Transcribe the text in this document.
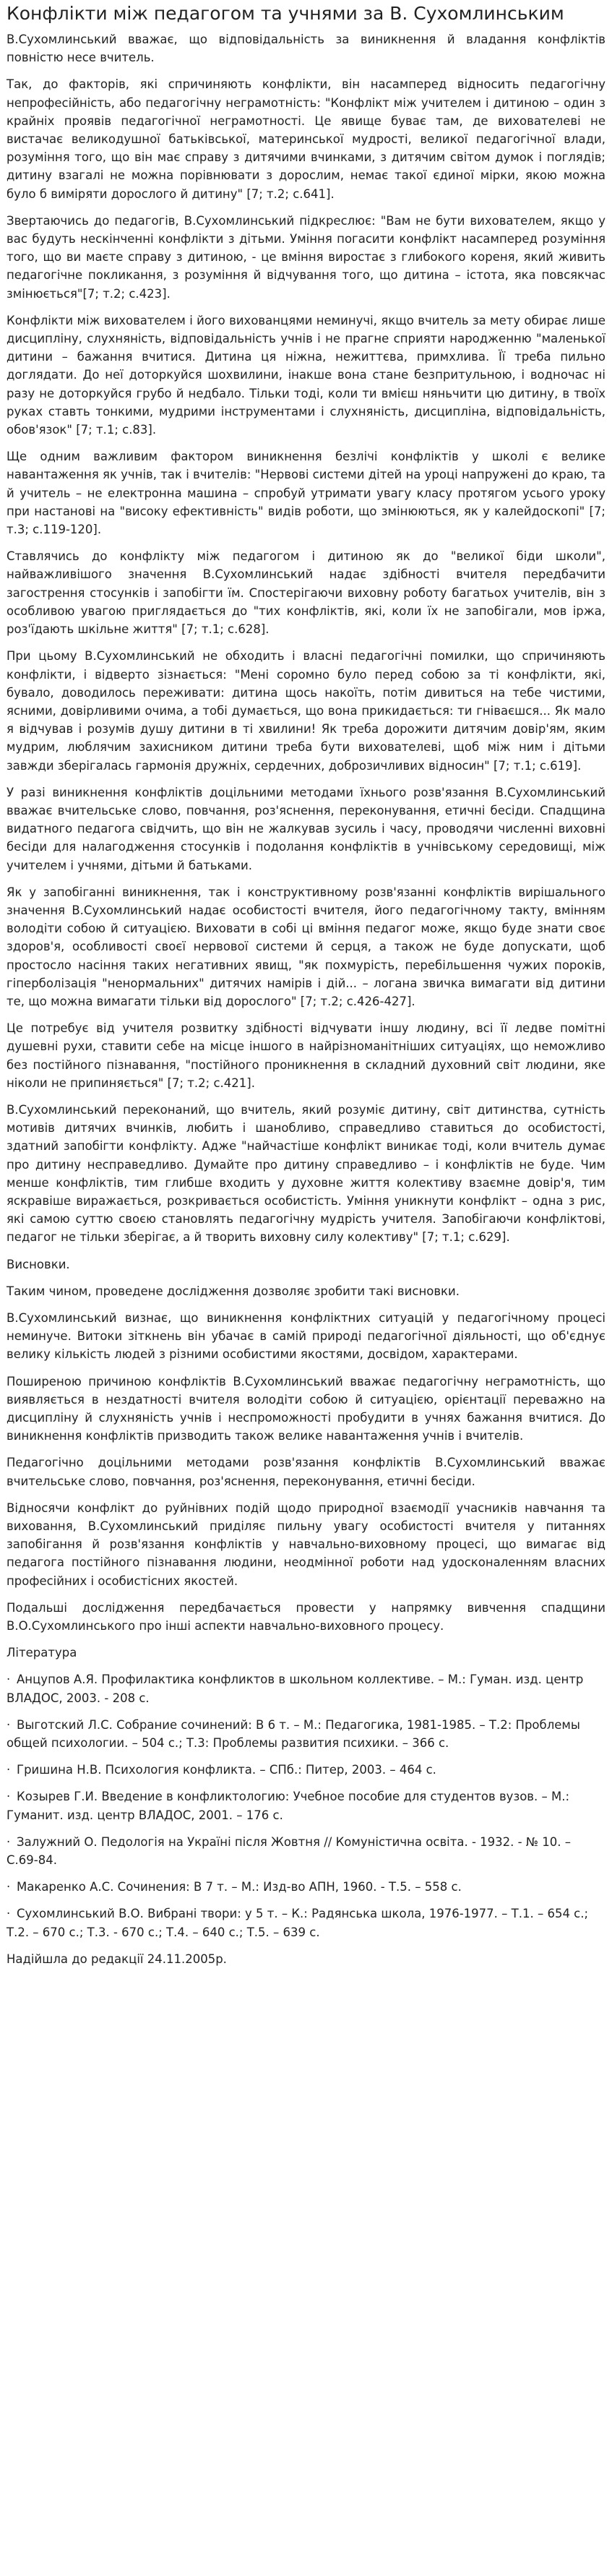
Конфлікти між педагогом та учнями за В. Сухомлинським

В.Сухомлинський вважає, що відповідальність за виникнення й владання конфліктів повністю несе вчитель.

Так, до факторів, які спричиняють конфлікти, він насамперед відносить педагогічну непрофесійність, або педагогічну неграмотність: "Конфлікт між учителем і дитиною – один з крайніх проявів педагогічної неграмотності. Це явище буває там, де вихователеві не вистачає великодушної батьківської, материнської мудрості, великої педагогічної влади, розуміння того, що він має справу з дитячими вчинками, з дитячим світом думок і поглядів; дитину взагалі не можна порівнювати з дорослим, немає такої єдиної мірки, якою можна було б виміряти дорослого й дитину" [7; т.2; с.641].

Звертаючись до педагогів, В.Сухомлинський підкреслює: "Вам не бути вихователем, якщо у вас будуть нескінченні конфлікти з дітьми. Уміння погасити конфлікт насамперед розуміння того, що ви маєте справу з дитиною, - це вміння виростає з глибокого кореня, який живить педагогічне покликання, з розуміння й відчування того, що дитина – істота, яка повсякчас змінюється"[7; т.2; с.423].

Конфлікти між вихователем і його вихованцями неминучі, якщо вчитель за мету обирає лише дисципліну, слухняність, відповідальність учнів і не прагне сприяти народженню "маленької дитини – бажання вчитися. Дитина ця ніжна, нежиттєва, примхлива. Її треба пильно доглядати. До неї доторкуйся шохвилини, інакше вона стане безпритульною, і водночас ні разу не доторкуйся грубо й недбало. Тільки тоді, коли ти вмієш няньчити цю дитину, в твоїх руках ставть тонкими, мудрими інструментами і слухняність, дисципліна, відповідальність, обов'язок" [7; т.1; с.83].

Ще одним важливим фактором виникнення безлічі конфліктів у школі є велике навантаження як учнів, так і вчителів: "Нервові системи дітей на уроці напружені до краю, та й учитель – не електронна машина – спробуй утримати увагу класу протягом усього уроку при настанові на "високу ефективність" видів роботи, що змінюються, як у калейдоскопі" [7; т.3; с.119-120].

Ставлячись до конфлікту між педагогом і дитиною як до "великої біди школи", найважливішого значення В.Сухомлинський надає здібності вчителя передбачити загострення стосунків і запобігти їм. Спостерігаючи виховну роботу багатьох учителів, він з особливою увагою приглядається до "тих конфліктів, які, коли їх не запобігали, мов іржа, роз'їдають шкільне життя" [7; т.1; с.628].

При цьому В.Сухомлинський не обходить і власні педагогічні помилки, що спричиняють конфлікти, і відверто зізнається: "Мені соромно було перед собою за ті конфлікти, які, бувало, доводилось переживати: дитина щось накоїть, потім дивиться на тебе чистими, ясними, довірливими очима, а тобі думається, що вона прикидається: ти гніваєшся... Як мало я відчував і розумів душу дитини в ті хвилини! Як треба дорожити дитячим довір'ям, яким мудрим, люблячим захисником дитини треба бути вихователеві, щоб між ним і дітьми завжди зберігалась гармонія дружніх, сердечних, доброзичливих відносин" [7; т.1; с.619].

У разі виникнення конфліктів доцільними методами їхнього розв'язання В.Сухомлинський вважає вчительське слово, повчання, роз'яснення, переконування, етичні бесіди. Спадщина видатного педагога свідчить, що він не жалкував зусиль і часу, проводячи численні виховні бесіди для налагодження стосунків і подолання конфліктів в учнівському середовищі, між учителем і учнями, дітьми й батьками.

Як у запобіганні виникнення, так і конструктивному розв'язанні конфліктів вирішального значення В.Сухомлинський надає особистості вчителя, його педагогічному такту, вмінням володіти собою й ситуацією. Виховати в собі ці вміння педагог може, якщо буде знати своє здоров'я, особливості своєї нервової системи й серця, а також не буде допускати, щоб простосло насіння таких негативних явищ, "як похмурість, перебільшення чужих пороків, гіперболізація "ненормальних" дитячих намірів і дій... – логана звичка вимагати від дитини те, що можна вимагати тільки від дорослого" [7; т.2; с.426-427].

Це потребує від учителя розвитку здібності відчувати іншу людину, всі її ледве помітні душевні рухи, ставити себе на місце іншого в найрізноманітніших ситуаціях, що неможливо без постійного пізнавання, "постійного проникнення в складний духовний світ людини, яке ніколи не припиняється" [7; т.2; с.421].

В.Сухомлинський переконаний, що вчитель, який розуміє дитину, світ дитинства, сутність мотивів дитячих вчинків, любить і шанобливо, справедливо ставиться до особистості, здатний запобігти конфлікту. Адже "найчастіше конфлікт виникає тоді, коли вчитель думає про дитину несправедливо. Думайте про дитину справедливо – і конфліктів не буде. Чим менше конфліктів, тим глибше входить у духовне життя колективу взаємне довір'я, тим яскравіше виражається, розкривається особистість. Уміння уникнути конфлікт – одна з рис, які самою суттю своєю становлять педагогічну мудрість учителя. Запобігаючи конфліктові, педагог не тільки зберігає, а й творить виховну силу колективу" [7; т.1; с.629].

Висновки.

Таким чином, проведене дослідження дозволяє зробити такі висновки.

В.Сухомлинський визнає, що виникнення конфліктних ситуацій у педагогічному процесі неминуче. Витоки зіткнень він убачає в самій природі педагогічної діяльності, що об'єднує велику кількість людей з різними особистими якостями, досвідом, характерами.

Поширеною причиною конфліктів В.Сухомлинський вважає педагогічну неграмотність, що виявляється в нездатності вчителя володіти собою й ситуацією, орієнтації переважно на дисципліну й слухняність учнів і неспроможності пробудити в учнях бажання вчитися. До виникнення конфліктів призводить також велике навантаження учнів і вчителів.

Педагогічно доцільними методами розв'язання конфліктів В.Сухомлинський вважає вчительське слово, повчання, роз'яснення, переконування, етичні бесіди.

Відносячи конфлікт до руйнівних подій щодо природної взаємодії учасників навчання та виховання, В.Сухомлинський приділяє пильну увагу особистості вчителя у питаннях запобігання й розв'язання конфліктів у навчально-виховному процесі, що вимагає від педагога постійного пізнавання людини, неодмінної роботи над удосконаленням власних професійних і особистісних якостей.

Подальші дослідження передбачається провести у напрямку вивчення спадщини В.О.Сухомлинського про інші аспекти навчально-виховного процесу.

Література

· Анцупов А.Я. Профилактика конфликтов в школьном коллективе. – М.: Гуман. изд. центр ВЛАДОС, 2003. - 208 с.

· Выготский Л.С. Собрание сочинений: В 6 т. – М.: Педагогика, 1981-1985. – Т.2: Проблемы общей психологии. – 504 с.; Т.3: Проблемы развития психики. – 366 с.

· Гришина Н.В. Психология конфликта. – СПб.: Питер, 2003. – 464 с.

· Козырев Г.И. Введение в конфликтологию: Учебное пособие для студентов вузов. – М.: Гуманит. изд. центр ВЛАДОС, 2001. – 176 с.

· Залужний О. Педологія на Україні після Жовтня // Комуністична освіта. - 1932. - № 10. – С.69-84.

· Макаренко А.С. Сочинения: В 7 т. – М.: Изд-во АПН, 1960. - Т.5. – 558 с.

· Сухомлинський В.О. Вибрані твори: у 5 т. – К.: Радянська школа, 1976-1977. – Т.1. – 654 с.; Т.2. – 670 с.; Т.3. - 670 с.; Т.4. – 640 с.; Т.5. – 639 с.

Надійшла до редакції 24.11.2005р.
